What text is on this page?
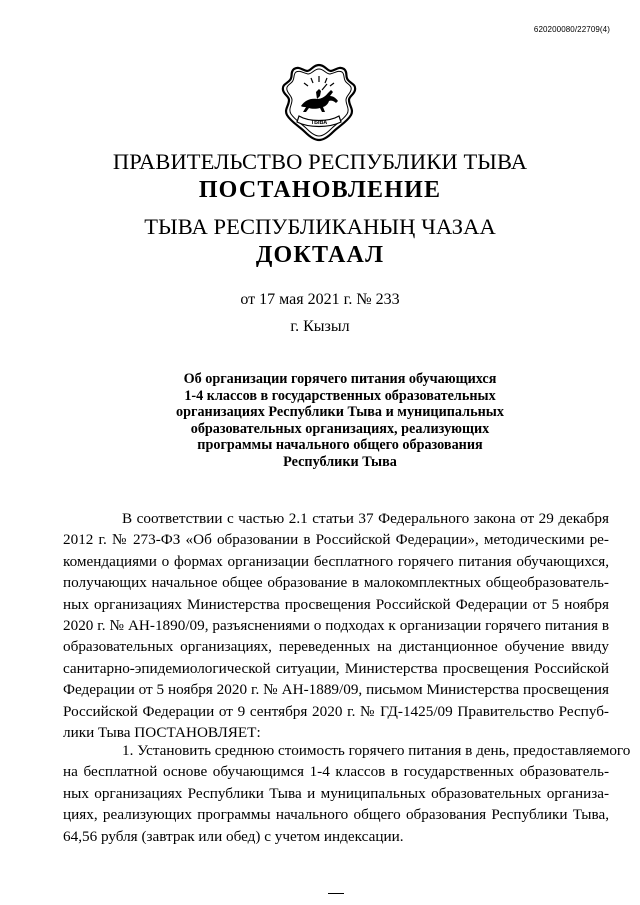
620200080/22709(4)
ТЫВА
ПРАВИТЕЛЬСТВО РЕСПУБЛИКИ ТЫВА
ПОСТАНОВЛЕНИЕ
ТЫВА РЕСПУБЛИКАНЫҢ ЧАЗАА
ДОКТААЛ
от 17 мая 2021 г. № 233
г. Кызыл
Об организации горячего питания обучающихся
1-4 классов в государственных образовательных
организациях Республики Тыва и муниципальных
образовательных организациях, реализующих
программы начального общего образования
Республики Тыва
В соответствии с частью 2.1 статьи 37 Федерального закона от 29 декабря
2012 г. № 273-ФЗ «Об образовании в Российской Федерации», методическими ре-
комендациями о формах организации бесплатного горячего питания обучающихся,
получающих начальное общее образование в малокомплектных общеобразователь-
ных организациях Министерства просвещения Российской Федерации от 5 ноября
2020 г. № АН-1890/09, разъяснениями о подходах к организации горячего питания в
образовательных организациях, переведенных на дистанционное обучение ввиду
санитарно-эпидемиологической ситуации, Министерства просвещения Российской
Федерации от 5 ноября 2020 г. № АН-1889/09, письмом Министерства просвещения
Российской Федерации от 9 сентября 2020 г. № ГД-1425/09 Правительство Респуб-
лики Тыва ПОСТАНОВЛЯЕТ:
1. Установить среднюю стоимость горячего питания в день, предоставляемого
на бесплатной основе обучающимся 1-4 классов в государственных образователь-
ных организациях Республики Тыва и муниципальных образовательных организа-
циях, реализующих программы начального общего образования Республики Тыва,
64,56 рубля (завтрак или обед) с учетом индексации.
